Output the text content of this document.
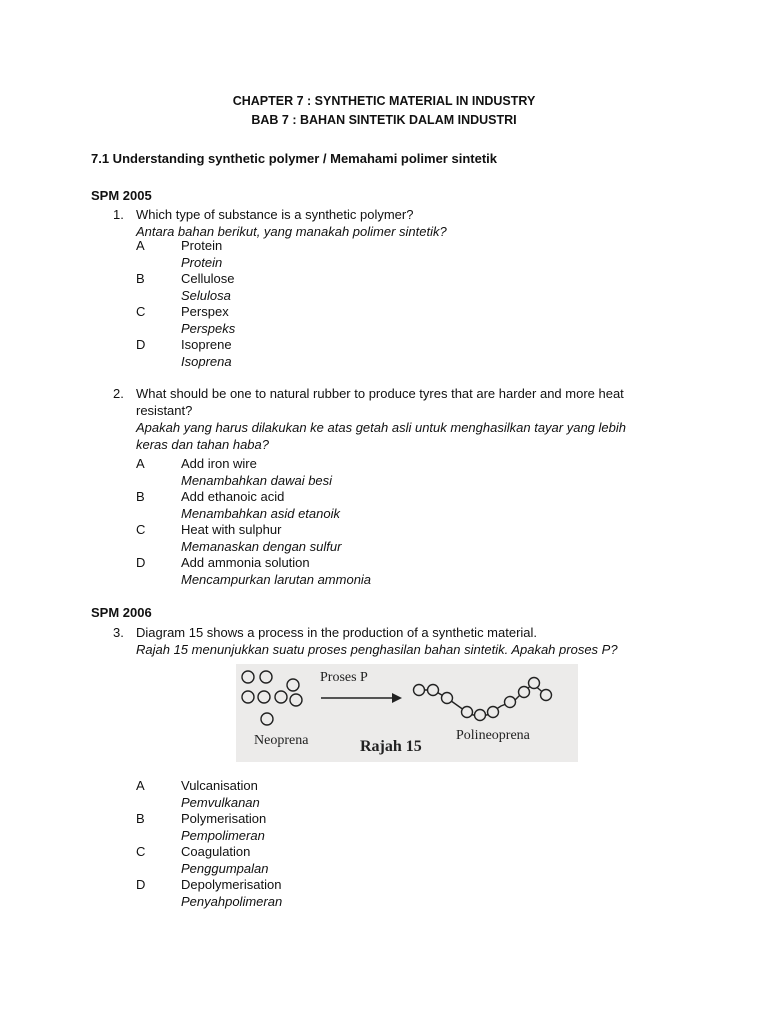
CHAPTER 7 : SYNTHETIC MATERIAL IN INDUSTRY
BAB 7 : BAHAN SINTETIK DALAM INDUSTRI
7.1 Understanding synthetic polymer / Memahami polimer sintetik
SPM 2005
1. Which type of substance is a synthetic polymer?
Antara bahan berikut, yang manakah polimer sintetik?
A	Protein
Protein
B	Cellulose
Selulosa
C	Perspex
Perspeks
D	Isoprene
Isoprena
2. What should be one to natural rubber to produce tyres that are harder and more heat resistant?
Apakah yang harus dilakukan ke atas getah asli untuk menghasilkan tayar yang lebih keras dan tahan haba?
A	Add iron wire
Menambahkan dawai besi
B	Add ethanoic acid
Menambahkan asid etanoik
C	Heat with sulphur
Memanaskan dengan sulfur
D	Add ammonia solution
Mencampurkan larutan ammonia
SPM 2006
3. Diagram 15 shows a process in the production of a synthetic material.
Rajah 15 menunjukkan suatu proses penghasilan bahan sintetik. Apakah proses P?
Proses P
Neoprena	Rajah 15
Polineoprena
A	Vulcanisation
Pemvulkanan
B	Polymerisation
Pempolimeran
C	Coagulation
Penggumpalan
D	Depolymerisation
Penyahpolimeran
